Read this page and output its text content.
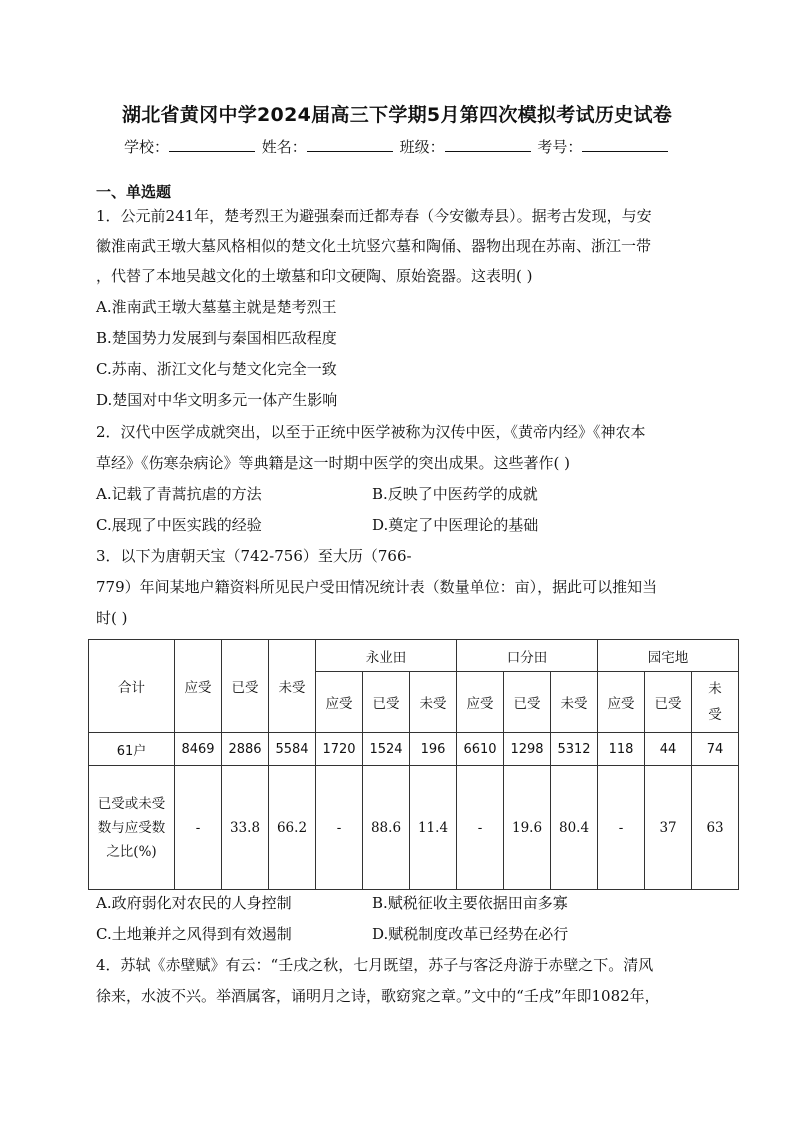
湖北省黄冈中学2024届高三下学期5月第四次模拟考试历史试卷
学校：	姓名：	班级：	考号：
一、单选题
1．公元前241年，楚考烈王为避强秦而迁都寿春（今安徽寿县）。据考古发现，与安
徽淮南武王墩大墓风格相似的楚文化土坑竖穴墓和陶俑、器物出现在苏南、浙江一带
，代替了本地吴越文化的土墩墓和印文硬陶、原始瓷器。这表明( )
A.淮南武王墩大墓墓主就是楚考烈王
B.楚国势力发展到与秦国相匹敌程度
C.苏南、浙江文化与楚文化完全一致
D.楚国对中华文明多元一体产生影响
2．汉代中医学成就突出，以至于正统中医学被称为汉传中医，《黄帝内经》《神农本
草经》《伤寒杂病论》等典籍是这一时期中医学的突出成果。这些著作( )
A.记载了青蒿抗虐的方法	B.反映了中医药学的成就
C.展现了中医实践的经验	D.奠定了中医理论的基础
3．以下为唐朝天宝（742-756）至大历（766-
779）年间某地户籍资料所见民户受田情况统计表（数量单位：亩），据此可以推知当
时( )
合计	应受	已受	未受	永业田			口分田			园宅地		
				应受	已受	未受	应受	已受	未受	应受	已受	未受
61户	8469	2886	5584	1720	1524	196	6610	1298	5312	118	44	74
已受或未受数与应受数之比(%)	-	33.8	66.2	-	88.6	11.4	-	19.6	80.4	-	37	63
A.政府弱化对农民的人身控制	B.赋税征收主要依据田亩多寡
C.土地兼并之风得到有效遏制	D.赋税制度改革已经势在必行
4．苏轼《赤壁赋》有云：“壬戌之秋，七月既望，苏子与客泛舟游于赤壁之下。清风
徐来，水波不兴。举酒属客，诵明月之诗，歌窈窕之章。”文中的“壬戌”年即1082年，
